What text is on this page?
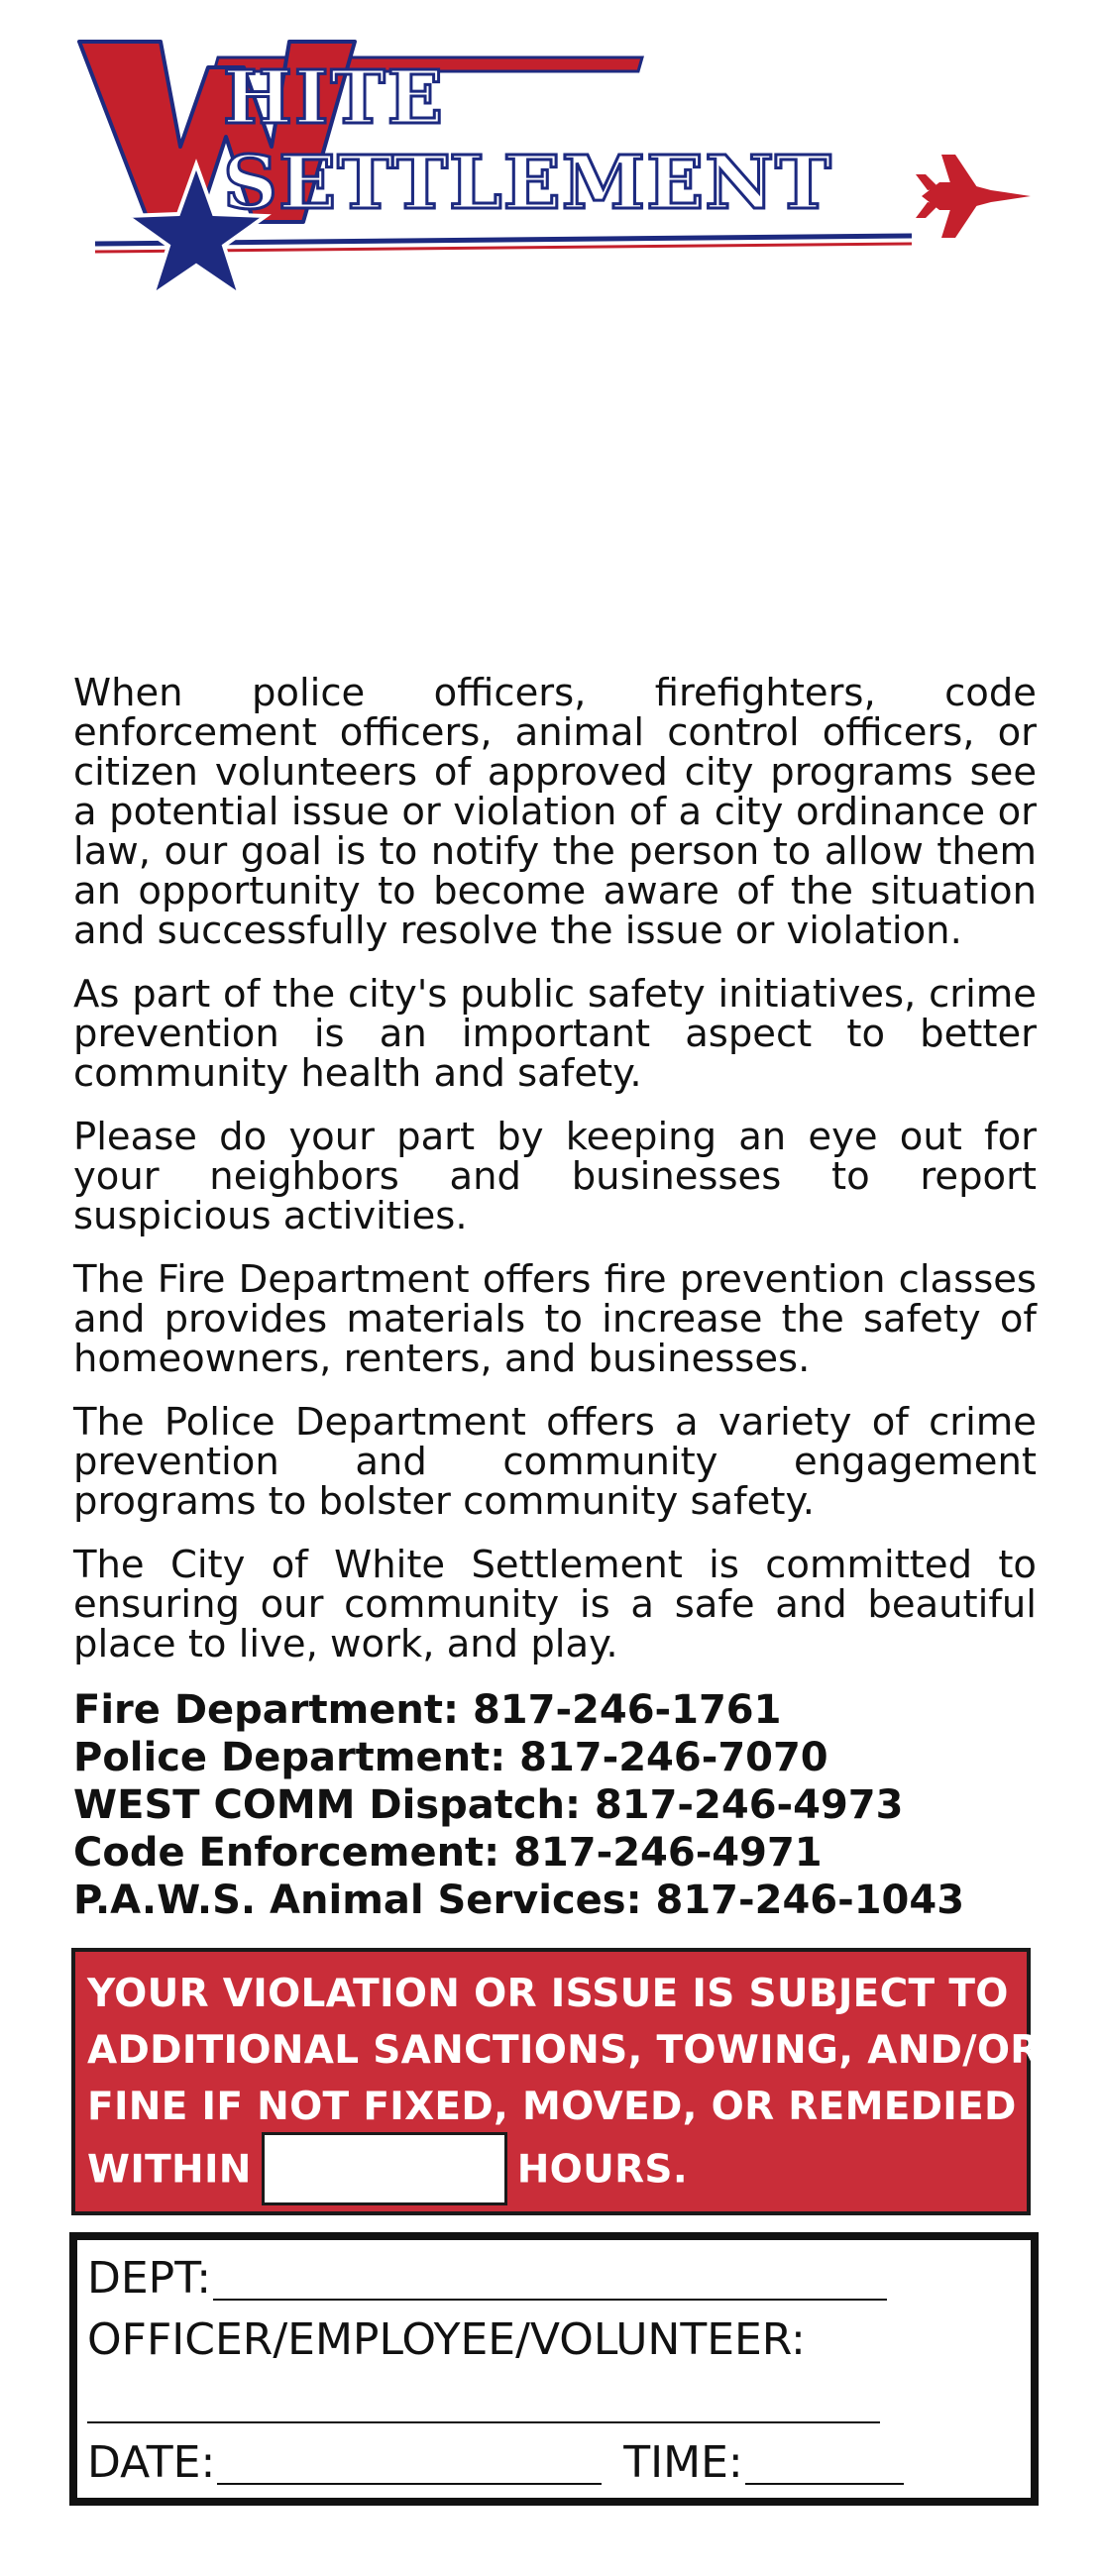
HITE
SETTLEMENT

When police officers, firefighters, code enforcement officers, animal control officers, or citizen volunteers of approved city programs see a potential issue or violation of a city ordinance or law, our goal is to notify the person to allow them an opportunity to become aware of the situation and successfully resolve the issue or violation.

As part of the city's public safety initiatives, crime prevention is an important aspect to better community health and safety.

Please do your part by keeping an eye out for your neighbors and businesses to report suspicious activities.

The Fire Department offers fire prevention classes and provides materials to increase the safety of homeowners, renters, and businesses.

The Police Department offers a variety of crime prevention and community engagement programs to bolster community safety.

The City of White Settlement is committed to ensuring our community is a safe and beautiful place to live, work, and play.

Fire Department: 817-246-1761
Police Department: 817-246-7070
WEST COMM Dispatch: 817-246-4973
Code Enforcement: 817-246-4971
P.A.W.S. Animal Services: 817-246-1043
YOUR VIOLATION OR ISSUE IS SUBJECT TO
ADDITIONAL SANCTIONS, TOWING, AND/OR
FINE IF NOT FIXED, MOVED, OR REMEDIED
WITHIN	HOURS.
DEPT:
OFFICER/EMPLOYEE/VOLUNTEER:
DATE:	TIME:
